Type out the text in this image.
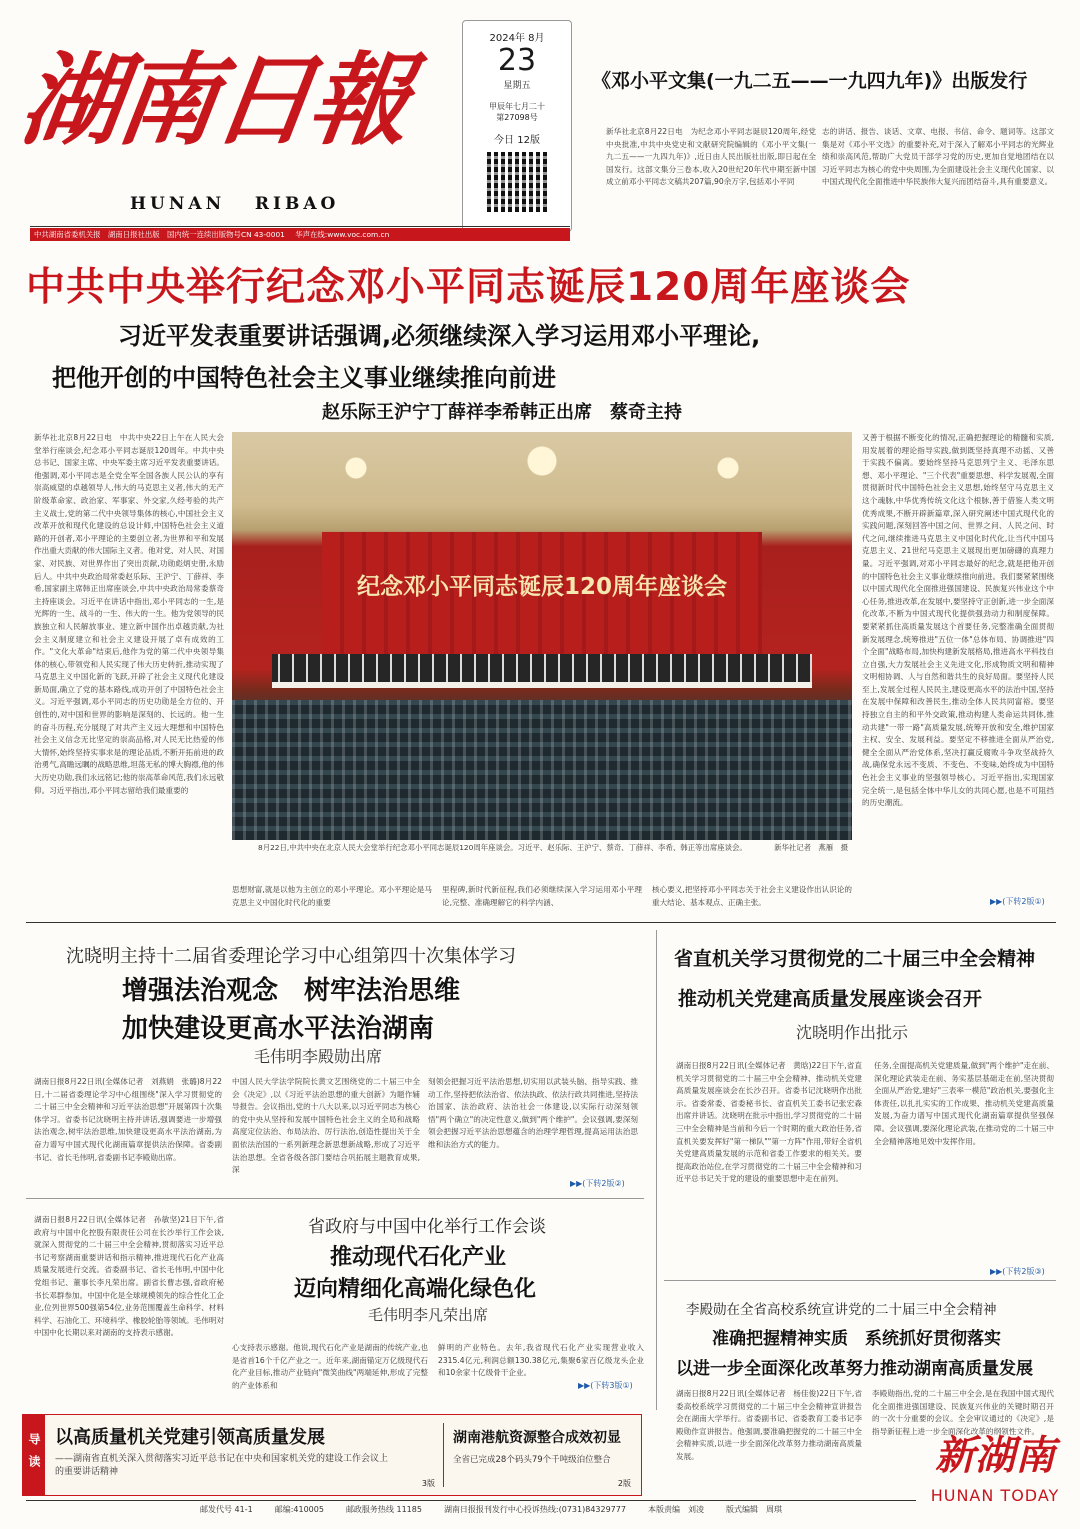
湖南日報
HUNAN   RIBAO
2024年 8月
23
星期五
甲辰年七月二十
第27098号
今日 12版
《邓小平文集(一九二五——一九四九年)》出版发行
新华社北京8月22日电　为纪念邓小平同志诞辰120周年,经党中央批准,中共中央党史和文献研究院编辑的《邓小平文集(一九二五——一九四九年)》,近日由人民出版社出版,即日起在全国发行。这部文集分三卷本,收入20世纪20年代中期至新中国成立前邓小平同志文稿共207篇,90余万字,包括邓小平同
志的讲话、报告、谈话、文章、电报、书信、命令、题词等。这部文集是对《邓小平文选》的重要补充,对于深入了解邓小平同志的光辉业绩和崇高风范,帮助广大党员干部学习党的历史,更加自觉地团结在以习近平同志为核心的党中央周围,为全面建设社会主义现代化国家、以中国式现代化全面推进中华民族伟大复兴而团结奋斗,具有重要意义。
中共湖南省委机关报　湖南日报社出版　国内统一连续出版物号CN 43-0001 华声在线:www.voc.com.cn
中共中央举行纪念邓小平同志诞辰120周年座谈会
习近平发表重要讲话强调,必须继续深入学习运用邓小平理论,
把他开创的中国特色社会主义事业继续推向前进
赵乐际王沪宁丁薛祥李希韩正出席　蔡奇主持
新华社北京8月22日电　中共中央22日上午在人民大会堂举行座谈会,纪念邓小平同志诞辰120周年。中共中央总书记、国家主席、中央军委主席习近平发表重要讲话。他强调,邓小平同志是全党全军全国各族人民公认的享有崇高威望的卓越领导人,伟大的马克思主义者,伟大的无产阶级革命家、政治家、军事家、外交家,久经考验的共产主义战士,党的第二代中央领导集体的核心,中国社会主义改革开放和现代化建设的总设计师,中国特色社会主义道路的开创者,邓小平理论的主要创立者,为世界和平和发展作出重大贡献的伟大国际主义者。他对党、对人民、对国家、对民族、对世界作出了突出贡献,功勋彪炳史册,永励后人。中共中央政治局常委赵乐际、王沪宁、丁薛祥、李希,国家副主席韩正出席座谈会,中共中央政治局常委蔡奇主持座谈会。习近平在讲话中指出,邓小平同志的一生,是光辉的一生、战斗的一生、伟大的一生。他为党领导的民族独立和人民解放事业、建立新中国作出卓越贡献,为社会主义制度建立和社会主义建设开展了卓有成效的工作。"文化大革命"结束后,他作为党的第二代中央领导集体的核心,带领党和人民实现了伟大历史转折,推动实现了马克思主义中国化新的飞跃,开辟了社会主义现代化建设新局面,确立了党的基本路线,成功开创了中国特色社会主义。习近平强调,邓小平同志的历史功勋是全方位的、开创性的,对中国和世界的影响是深刻的、长远的。他一生的奋斗历程,充分展现了对共产主义远大理想和中国特色社会主义信念无比坚定的崇高品格,对人民无比热爱的伟大情怀,始终坚持实事求是的理论品质,不断开拓前进的政治勇气,高瞻远瞩的战略思维,坦荡无私的博大胸襟,他的伟大历史功勋,我们永远铭记;他的崇高革命风范,我们永远敬仰。习近平指出,邓小平同志留给我们最重要的
纪念邓小平同志诞辰120周年座谈会
8月22日,中共中央在北京人民大会堂举行纪念邓小平同志诞辰120周年座谈会。习近平、赵乐际、王沪宁、蔡奇、丁薛祥、李希、韩正等出席座谈会。	新华社记者　燕雁　摄
思想财富,就是以他为主创立的邓小平理论。邓小平理论是马克思主义中国化时代化的重要
里程碑,新时代新征程,我们必须继续深入学习运用邓小平理论,完整、准确理解它的科学内涵、
核心要义,把坚持邓小平同志关于社会主义建设作出认识论的重大结论、基本观点、正确主张。
又善于根据不断变化的情况,正确把握理论的精髓和实质,用发展着的理论指导实践,做到既坚持真理不动摇、又善于实践不偏离。要始终坚持马克思列宁主义、毛泽东思想、邓小平理论、"三个代表"重要思想、科学发展观,全面贯彻新时代中国特色社会主义思想,始终坚守马克思主义这个魂脉,中华优秀传统文化这个根脉,善于借鉴人类文明优秀成果,不断开辟新篇章,深入研究阐述中国式现代化的实践问题,深刻回答中国之问、世界之问、人民之问、时代之问,继续推进马克思主义中国化时代化,让当代中国马克思主义、21世纪马克思主义展现出更加磅礴的真理力量。习近平强调,对邓小平同志最好的纪念,就是把他开创的中国特色社会主义事业继续推向前进。我们要紧紧围绕以中国式现代化全面推进强国建设、民族复兴伟业这个中心任务,推进改革,在发展中,要坚持守正创新,进一步全面深化改革,不断为中国式现代化提供强劲动力和制度保障。要紧紧抓住高质量发展这个首要任务,完整准确全面贯彻新发展理念,统筹推进"五位一体"总体布局、协调推进"四个全面"战略布局,加快构建新发展格局,推进高水平科技自立自强,大力发展社会主义先进文化,形成物质文明和精神文明相协调、人与自然和谐共生的良好局面。要坚持人民至上,发展全过程人民民主,建设更高水平的法治中国,坚持在发展中保障和改善民生,推动全体人民共同富裕。要坚持独立自主的和平外交政策,推动构建人类命运共同体,推动共建"一带一路"高质量发展,统筹开放和安全,维护国家主权、安全、发展利益。要坚定不移推进全面从严治党,健全全面从严治党体系,坚决打赢反腐败斗争攻坚战持久战,确保党永远不变质、不变色、不变味,始终成为中国特色社会主义事业的坚强领导核心。习近平指出,实现国家完全统一,是包括全体中华儿女的共同心愿,也是不可阻挡的历史潮流。
▶▶(下转2版①)
沈晓明主持十二届省委理论学习中心组第四十次集体学习
增强法治观念　树牢法治思维
加快建设更高水平法治湖南
毛伟明李殿勋出席
湖南日报8月22日讯(全媒体记者　刘燕娟　张璐)8月22日,十二届省委理论学习中心组围绕"深入学习贯彻党的二十届三中全会精神和习近平法治思想"开展第四十次集体学习。省委书记沈晓明主持并讲话,强调要进一步增强法治观念,树牢法治思维,加快建设更高水平法治湖南,为奋力谱写中国式现代化湖南篇章提供法治保障。省委副书记、省长毛伟明,省委副书记李殿勋出席。
中国人民大学法学院院长黄文艺围绕党的二十届三中全会《决定》,以《习近平法治思想的重大创新》为题作辅导报告。会议指出,党的十八大以来,以习近平同志为核心的党中央从坚持和发展中国特色社会主义的全局和战略高度定位法治、布局法治、厉行法治,创造性提出关于全面依法治国的一系列新理念新思想新战略,形成了习近平法治思想。全省各级各部门要结合巩拓展主题教育成果,深
刻领会把握习近平法治思想,切实用以武装头脑、指导实践、推动工作,坚持把依法治省、依法执政、依法行政共同推进,坚持法治国家、法治政府、法治社会一体建设,以实际行动深刻领悟"两个确立"的决定性意义,做到"两个维护"。会议强调,要深刻领会把握习近平法治思想蕴含的治理学理哲理,提高运用法治思维和法治方式的能力。
▶▶(下转2版②)
湖南日报8月22日讯(全媒体记者　孙敏坚)21日下午,省政府与中国中化控股有限责任公司在长沙举行工作会谈,就深入贯彻党的二十届三中全会精神,贯彻落实习近平总书记考察湖南重要讲话和指示精神,推进现代石化产业高质量发展进行交流。省委副书记、省长毛伟明,中国中化党组书记、董事长李凡荣出席。副省长曹志强,省政府秘书长邓群参加。中国中化是全球规模领先的综合性化工企业,位列世界500强第54位,业务范围覆盖生命科学、材料科学、石油化工、环境科学、橡胶轮胎等领域。毛伟明对中国中化长期以来对湖南的支持表示感谢。
省政府与中国中化举行工作会谈
推动现代石化产业
迈向精细化高端化绿色化
毛伟明李凡荣出席
心支持表示感谢。他说,现代石化产业是湖南的传统产业,也是省首16个千亿产业之一。近年来,湖南锚定万亿级现代石化产业目标,推动产业链向"微笑曲线"两端延伸,形成了完整的产业体系和
鲜明的产业特色。去年,我省现代石化产业实现营业收入2315.4亿元,利润总额130.38亿元,集聚6家百亿级龙头企业和10余家十亿级骨干企业。
▶▶(下转3版①)
省直机关学习贯彻党的二十届三中全会精神
推动机关党建高质量发展座谈会召开
沈晓明作出批示
湖南日报8月22日讯(全媒体记者　黄晗)22日下午,省直机关学习贯彻党的二十届三中全会精神、推动机关党建高质量发展座谈会在长沙召开。省委书记沈晓明作出批示。省委常委、省委秘书长、省直机关工委书记张宏森出席并讲话。沈晓明在批示中指出,学习贯彻党的二十届三中全会精神是当前和今后一个时期的重大政治任务,省直机关要发挥好"第一梯队""第一方阵"作用,带好全省机关党建高质量发展的示范和省委工作要求的相关关。要提高政治站位,在学习贯彻党的二十届三中全会精神和习近平总书记关于党的建设的重要思想中走在前列。
任务,全面提高机关党建质量,做到"两个维护"走在前、深化理论武装走在前、务实基层基础走在前,坚决贯彻全面从严治党,建好"三表率一模范"政治机关,要强化主体责任,以扎扎实实的工作成果、推动机关党建高质量发展,为奋力谱写中国式现代化湖南篇章提供坚强保障。会议强调,要深化理论武装,在推动党的二十届三中全会精神落地见效中发挥作用。
▶▶(下转2版③)
李殿勋在全省高校系统宣讲党的二十届三中全会精神
准确把握精神实质　系统抓好贯彻落实
以进一步全面深化改革努力推动湖南高质量发展
湖南日报8月22日讯(全媒体记者　杨佳俊)22日下午,省委高校系统学习贯彻党的二十届三中全会精神宣讲报告会在湖南大学举行。省委副书记、省委教育工委书记李殿勋作宣讲报告。他强调,要准确把握党的二十届三中全会精神实质,以进一步全面深化改革努力推动湖南高质量发展。
李殿勋指出,党的二十届三中全会,是在我国中国式现代化全面推进强国建设、民族复兴伟业的关键时期召开的一次十分重要的会议。全会审议通过的《决定》,是指导新征程上进一步全面深化改革的纲领性文件。
导读 以高质量机关党建引领高质量发展
——湖南省直机关深入贯彻落实习近平总书记在中央和国家机关党的建设工作会议上的重要讲话精神
3版
湖南港航资源整合成效初显
全省已完成28个码头79个千吨级泊位整合
2版
邮发代号 41-1	邮编:410005	邮政服务热线 11185	湖南日报报刊发行中心投诉热线:(0731)84329777	本版责编　刘凌	版式编辑　周琪
新湖南
HUNAN TODAY
